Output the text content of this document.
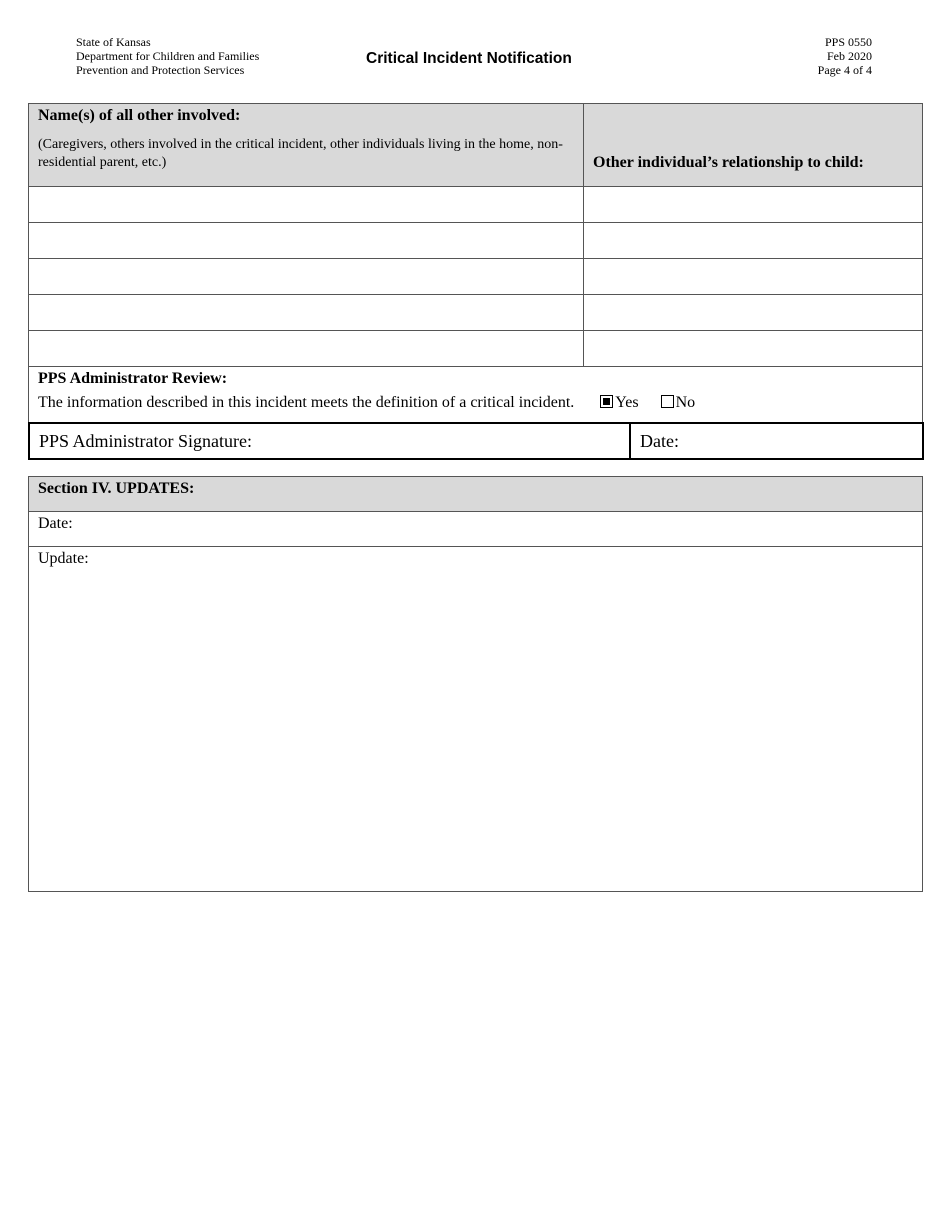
State of Kansas
Department for Children and Families
Prevention and Protection Services
Critical Incident Notification
PPS 0550
Feb 2020
Page 4 of 4
Name(s) of all other involved:
(Caregivers, others involved in the critical incident, other individuals living in the home, non-residential parent, etc.)	Other individual’s relationship to child:

PPS Administrator Review:
The information described in this incident meets the definition of a critical incident. Yes No	
PPS Administrator Signature:	Date:
Section IV. UPDATES:
Date:
Update:
